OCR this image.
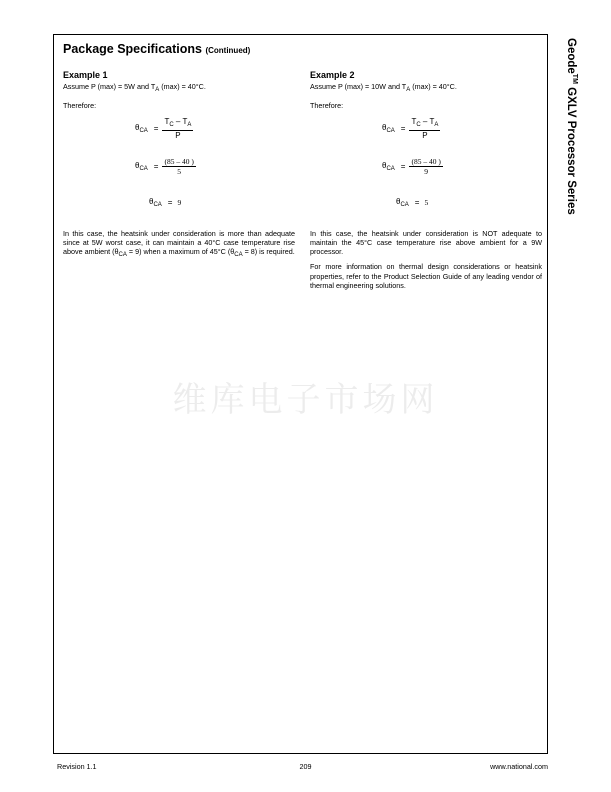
Geode™ GXLV Processor Series
Package Specifications (Continued)
Example 1
Assume P (max) = 5W and $T_A$ (max) = 40°C.
Therefore:
$\theta_{CA} = \frac{T_C - T_A}{P}$
$\theta_{CA} = \frac{(85 - 40 )}{5}$
$\theta_{CA} = 9$
In this case, the heatsink under consideration is more than adequate since at 5W worst case, it can maintain a 40°C case temperature rise above ambient $(\theta_{CA} = 9)$ when a maximum of 45°C $(\theta_{CA} = 8)$ is required.
Example 2
Assume P (max) = 10W and $T_A$ (max) = 40°C.
Therefore:
$\theta_{CA} = \frac{T_C - T_A}{P}$
$\theta_{CA} = \frac{(85 - 40 )}{9}$
$\theta_{CA} = 5$
In this case, the heatsink under consideration is NOT adequate to maintain the 45°C case temperature rise above ambient for a 9W processor.
For more information on thermal design considerations or heatsink properties, refer to the Product Selection Guide of any leading vendor of thermal engineering solutions.
维库电子市场网
Revision 1.1	209	www.national.com
